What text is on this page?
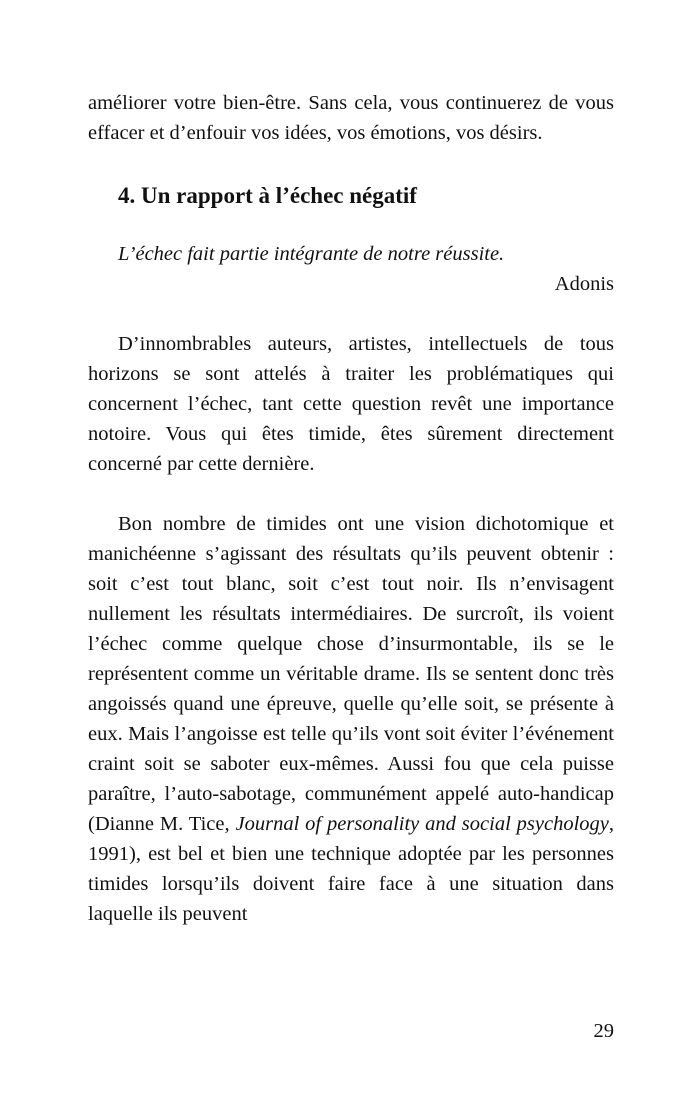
améliorer votre bien-être. Sans cela, vous continuerez de vous effacer et d’enfouir vos idées, vos émotions, vos désirs.

4. Un rapport à l’échec négatif

L’échec fait partie intégrante de notre réussite.

Adonis

D’innombrables auteurs, artistes, intellectuels de tous horizons se sont attelés à traiter les problématiques qui concernent l’échec, tant cette question revêt une importance notoire. Vous qui êtes timide, êtes sûrement directement concerné par cette dernière.

Bon nombre de timides ont une vision dichotomique et manichéenne s’agissant des résultats qu’ils peuvent obtenir : soit c’est tout blanc, soit c’est tout noir. Ils n’envisagent nullement les résultats intermédiaires. De surcroît, ils voient l’échec comme quelque chose d’insurmontable, ils se le représentent comme un véritable drame. Ils se sentent donc très angoissés quand une épreuve, quelle qu’elle soit, se présente à eux. Mais l’angoisse est telle qu’ils vont soit éviter l’événement craint soit se saboter eux-mêmes. Aussi fou que cela puisse paraître, l’auto-sabotage, communément appelé auto-handicap (Dianne M. Tice, Journal of personality and social psychology, 1991), est bel et bien une technique adoptée par les personnes timides lorsqu’ils doivent faire face à une situation dans laquelle ils peuvent

29
